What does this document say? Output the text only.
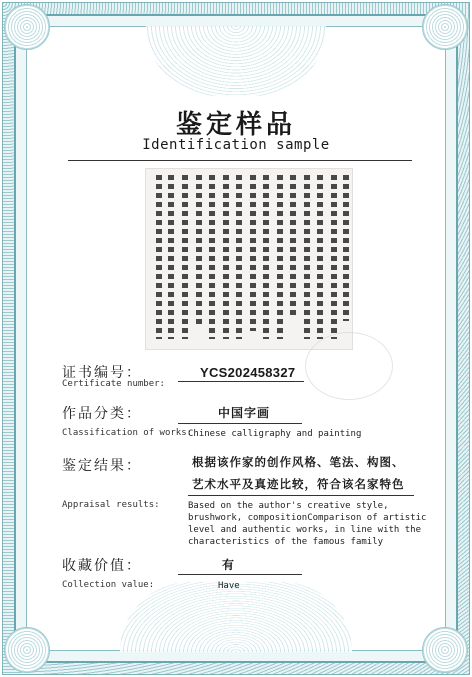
鉴定样品
Identification sample
证书编号：
Certificate number:
YCS202458327
作品分类：
Classification of works:
中国字画
Chinese calligraphy and painting
鉴定结果：
Appraisal results:
根据该作家的创作风格、笔法、构图、
艺术水平及真迹比较，符合该名家特色
Based on the author's creative style,
brushwork, compositionComparison of artistic
level and authentic works, in line with the
characteristics of the famous family
收藏价值：
Collection value:
有
Have
